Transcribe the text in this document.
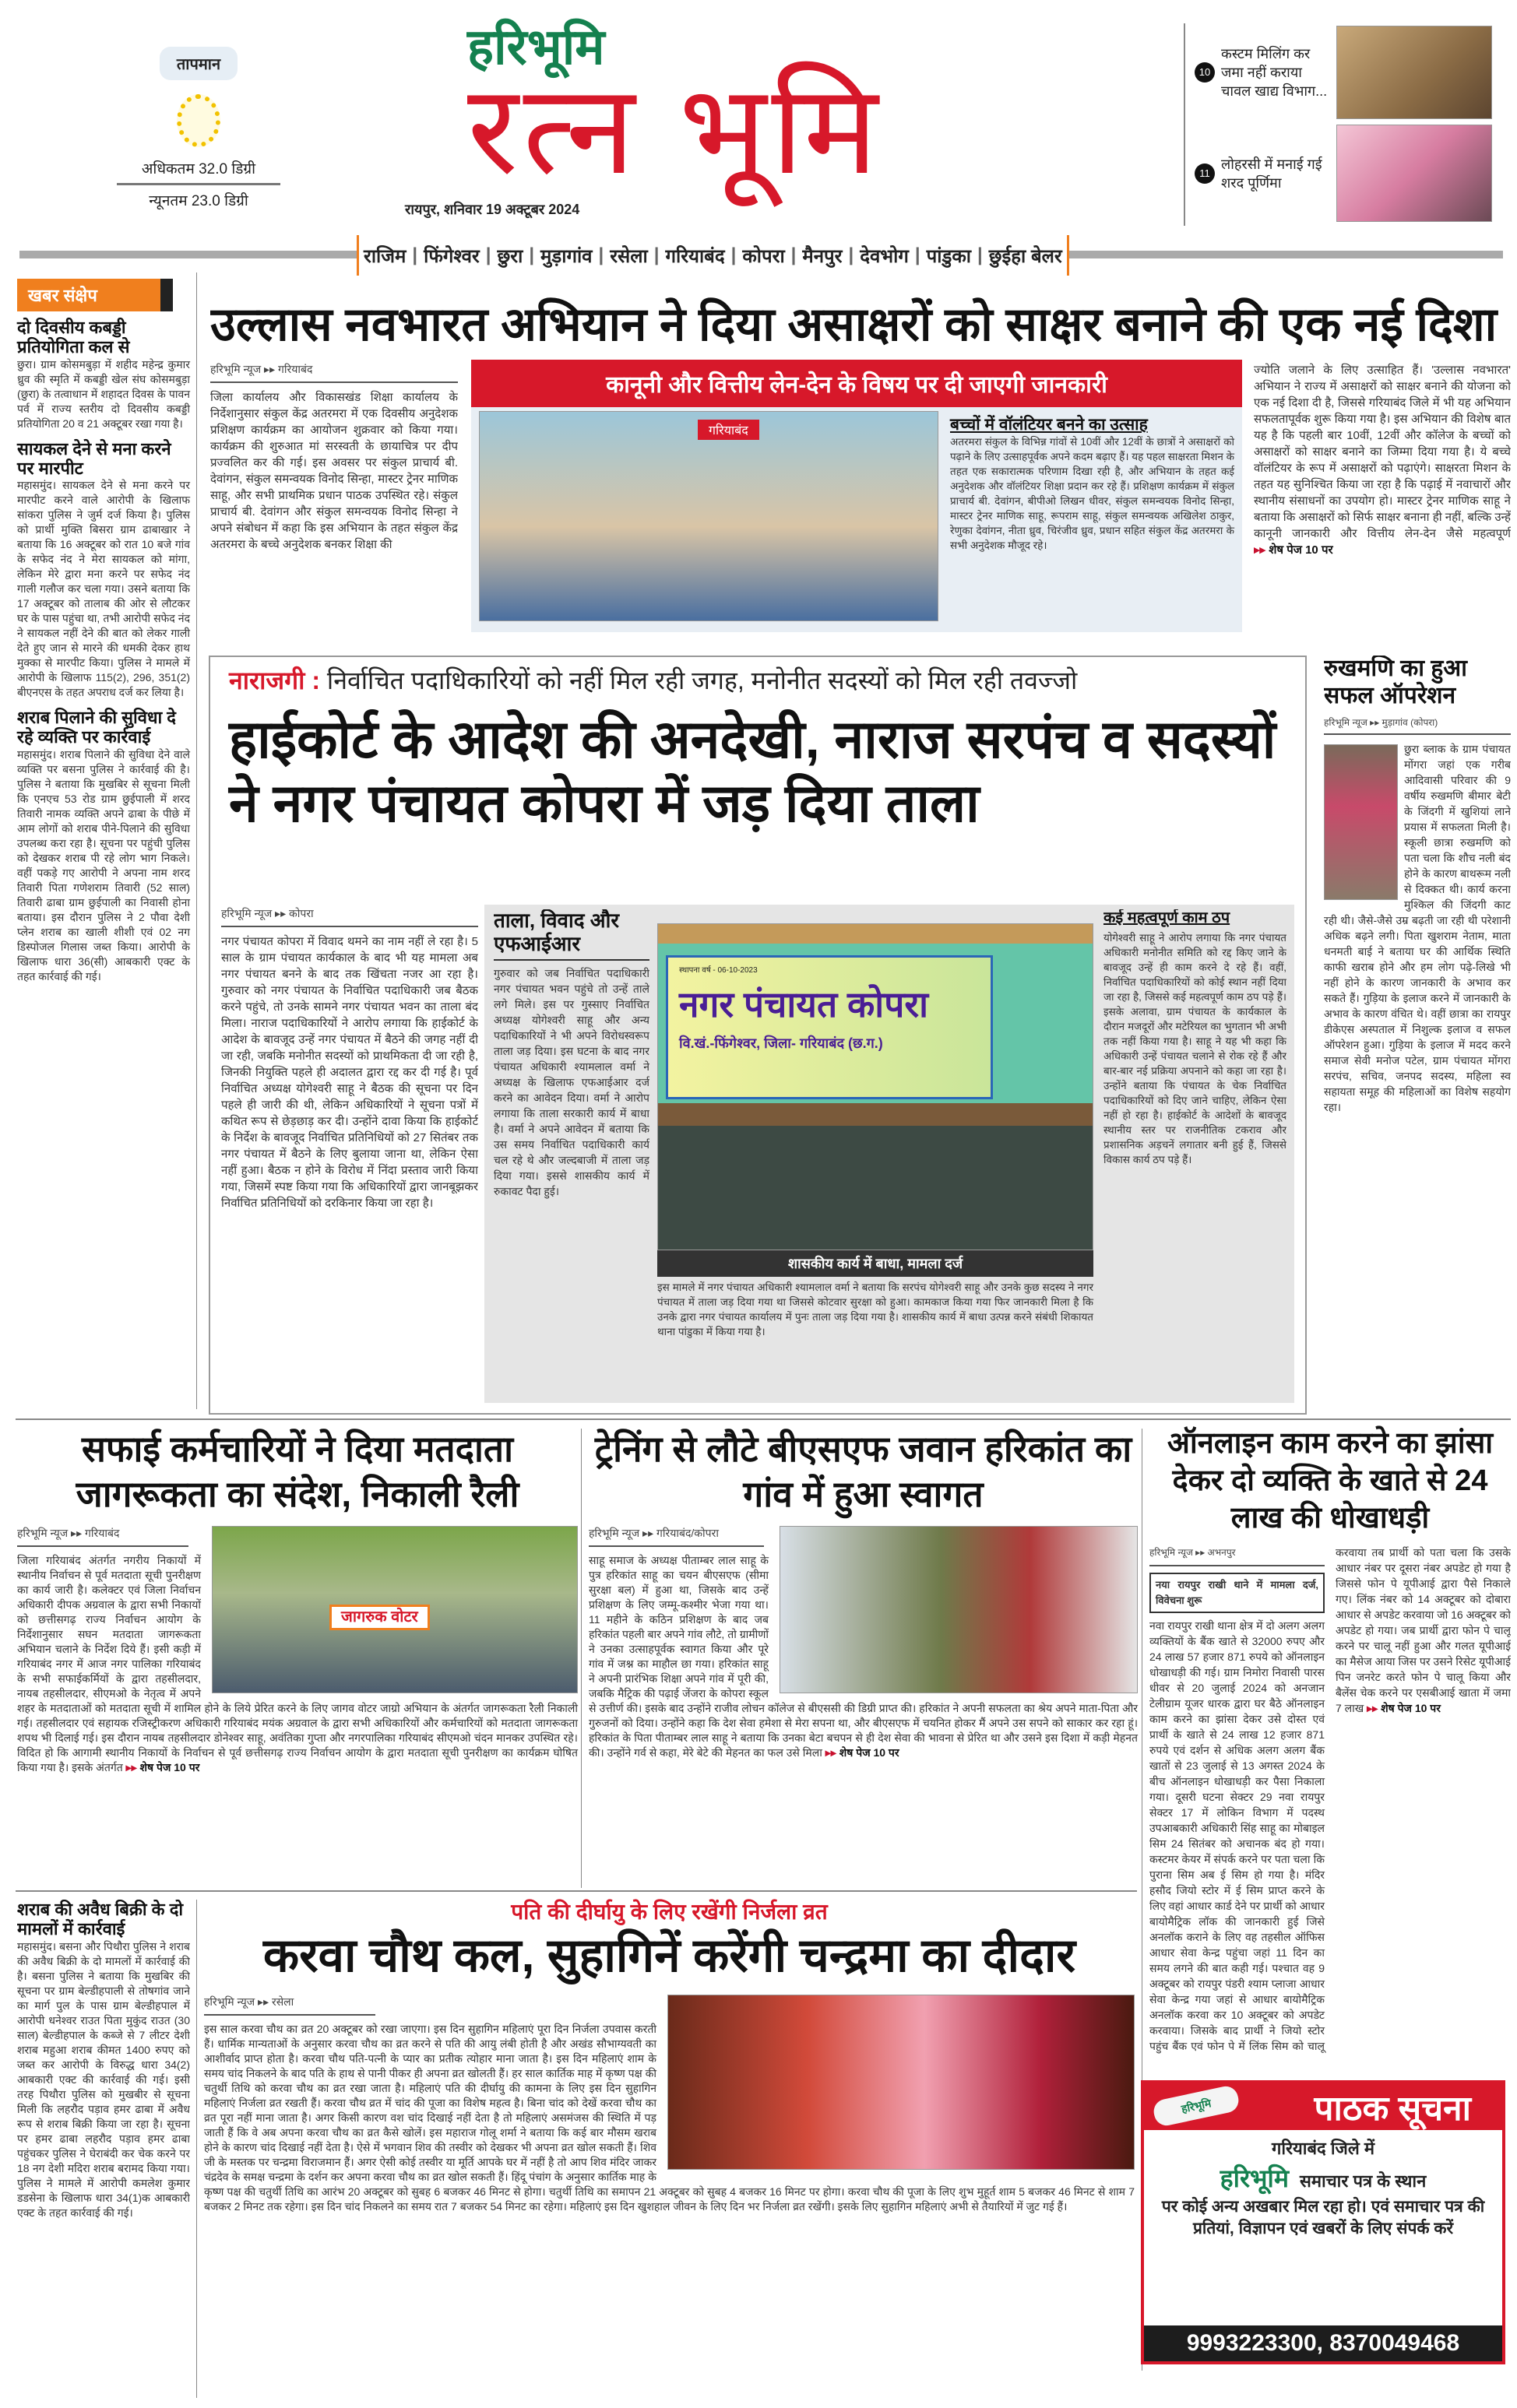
तापमान
अधिकतम 32.0 डिग्री
न्यूनतम 23.0 डिग्री
हरिभूमि
रत्न भूमि
रायपुर, शनिवार 19 अक्टूबर 2024
10
कस्टम मिलिंग कर जमा नहीं कराया चावल खाद्य विभाग...
11
लोहरसी में मनाई गई शरद पूर्णिमा
राजिम | फिंगेश्वर | छुरा | मुड़ागांव | रसेला | गरियाबंद | कोपरा | मैनपुर | देवभोग | पांडुका | छुईहा बेलर
खबर संक्षेप
दो दिवसीय कबड्डी प्रतियोगिता कल से
छुरा। ग्राम कोसमबुड़ा में शहीद महेन्द्र कुमार ध्रुव की स्मृति में कबड्डी खेल संघ कोसमबुड़ा (छुरा) के तत्वाधान में शहादत दिवस के पावन पर्व में राज्य स्तरीय दो दिवसीय कबड्डी प्रतियोगिता 20 व 21 अक्टूबर रखा गया है।
सायकल देने से मना करने पर मारपीट
महासमुंद। सायकल देने से मना करने पर मारपीट करने वाले आरोपी के खिलाफ सांकरा पुलिस ने जुर्म दर्ज किया है। पुलिस को प्रार्थी मुक्ति बिसरा ग्राम ढाबाखार ने बताया कि 16 अक्टूबर को रात 10 बजे गांव के सफेद नंद ने मेरा सायकल को मांगा, लेकिन मेरे द्वारा मना करने पर सफेद नंद गाली गलौज कर चला गया। उसने बताया कि 17 अक्टूबर को तालाब की ओर से लौटकर घर के पास पहुंचा था, तभी आरोपी सफेद नंद ने सायकल नहीं देने की बात को लेकर गाली देते हुए जान से मारने की धमकी देकर हाथ मुक्का से मारपीट किया। पुलिस ने मामले में आरोपी के खिलाफ 115(2), 296, 351(2) बीएनएस के तहत अपराध दर्ज कर लिया है।
शराब पिलाने की सुविधा दे रहे व्यक्ति पर कार्रवाई
महासमुंद। शराब पिलाने की सुविधा देने वाले व्यक्ति पर बसना पुलिस ने कार्रवाई की है। पुलिस ने बताया कि मुखबिर से सूचना मिली कि एनएच 53 रोड ग्राम छुईपाली में शरद तिवारी नामक व्यक्ति अपने ढाबा के पीछे में आम लोगों को शराब पीने-पिलाने की सुविधा उपलब्ध करा रहा है। सूचना पर पहुंची पुलिस को देखकर शराब पी रहे लोग भाग निकले। वहीं पकड़े गए आरोपी ने अपना नाम शरद तिवारी पिता गणेशराम तिवारी (52 साल) तिवारी ढाबा ग्राम छुईपाली का निवासी होना बताया। इस दौरान पुलिस ने 2 पौवा देशी प्लेन शराब का खाली शीशी एवं 02 नग डिस्पोजल गिलास जब्त किया। आरोपी के खिलाफ धारा 36(सी) आबकारी एक्ट के तहत कार्रवाई की गई।
उल्लास नवभारत अभियान ने दिया असाक्षरों को साक्षर बनाने की एक नई दिशा
हरिभूमि न्यूज ▸▸ गरियाबंद
जिला कार्यालय और विकासखंड शिक्षा कार्यालय के निर्देशानुसार संकुल केंद्र अतरमरा में एक दिवसीय अनुदेशक प्रशिक्षण कार्यक्रम का आयोजन शुक्रवार को किया गया। कार्यक्रम की शुरुआत मां सरस्वती के छायाचित्र पर दीप प्रज्वलित कर की गई। इस अवसर पर संकुल प्राचार्य बी. देवांगन, संकुल समन्वयक विनोद सिन्हा, मास्टर ट्रेनर माणिक साहू, और सभी प्राथमिक प्रधान पाठक उपस्थित रहे। संकुल प्राचार्य बी. देवांगन और संकुल समन्वयक विनोद सिन्हा ने अपने संबोधन में कहा कि इस अभियान के तहत संकुल केंद्र अतरमरा के बच्चे अनुदेशक बनकर शिक्षा की
कानूनी और वित्तीय लेन-देन के विषय पर दी जाएगी जानकारी
गरियाबंद	बच्चों में वॉलंटियर बनने का उत्साह
अतरमरा संकुल के विभिन्न गांवों से 10वीं और 12वीं के छात्रों ने असाक्षरों को पढ़ाने के लिए उत्साहपूर्वक अपने कदम बढ़ाए हैं। यह पहल साक्षरता मिशन के तहत एक सकारात्मक परिणाम दिखा रही है, और अभियान के तहत कई अनुदेशक और वॉलंटियर शिक्षा प्रदान कर रहे हैं। प्रशिक्षण कार्यक्रम में संकुल प्राचार्य बी. देवांगन, बीपीओ लिखन धीवर, संकुल समन्वयक विनोद सिन्हा, मास्टर ट्रेनर माणिक साहू, रूपराम साहू, संकुल समन्वयक अखिलेश ठाकुर, रेणुका देवांगन, नीता ध्रुव, चिरंजीव ध्रुव, प्रधान सहित संकुल केंद्र अतरमरा के सभी अनुदेशक मौजूद रहे।
ज्योति जलाने के लिए उत्साहित हैं। 'उल्लास नवभारत' अभियान ने राज्य में असाक्षरों को साक्षर बनाने की योजना को एक नई दिशा दी है, जिससे गरियाबंद जिले में भी यह अभियान सफलतापूर्वक शुरू किया गया है। इस अभियान की विशेष बात यह है कि पहली बार 10वीं, 12वीं और कॉलेज के बच्चों को असाक्षरों को साक्षर बनाने का जिम्मा दिया गया है। ये बच्चे वॉलंटियर के रूप में असाक्षरों को पढ़ाएंगे। साक्षरता मिशन के तहत यह सुनिश्चित किया जा रहा है कि पढ़ाई में नवाचारों और स्थानीय संसाधनों का उपयोग हो। मास्टर ट्रेनर माणिक साहू ने बताया कि असाक्षरों को सिर्फ साक्षर बनाना ही नहीं, बल्कि उन्हें कानूनी जानकारी और वित्तीय लेन-देन जैसे महत्वपूर्ण ▸▸ शेष पेज 10 पर
नाराजगी : निर्वाचित पदाधिकारियों को नहीं मिल रही जगह, मनोनीत सदस्यों को मिल रही तवज्जो
हाईकोर्ट के आदेश की अनदेखी, नाराज सरपंच व सदस्यों ने नगर पंचायत कोपरा में जड़ दिया ताला
हरिभूमि न्यूज ▸▸ कोपरा
नगर पंचायत कोपरा में विवाद थमने का नाम नहीं ले रहा है। 5 साल के ग्राम पंचायत कार्यकाल के बाद भी यह मामला अब नगर पंचायत बनने के बाद तक खिंचता नजर आ रहा है। गुरुवार को नगर पंचायत के निर्वाचित पदाधिकारी जब बैठक करने पहुंचे, तो उनके सामने नगर पंचायत भवन का ताला बंद मिला। नाराज पदाधिकारियों ने आरोप लगाया कि हाईकोर्ट के आदेश के बावजूद उन्हें नगर पंचायत में बैठने की जगह नहीं दी जा रही, जबकि मनोनीत सदस्यों को प्राथमिकता दी जा रही है, जिनकी नियुक्ति पहले ही अदालत द्वारा रद्द कर दी गई है। पूर्व निर्वाचित अध्यक्ष योगेश्वरी साहू ने बैठक की सूचना पर दिन पहले ही जारी की थी, लेकिन अधिकारियों ने सूचना पत्रों में कथित रूप से छेड़छाड़ कर दी। उन्होंने दावा किया कि हाईकोर्ट के निर्देश के बावजूद निर्वाचित प्रतिनिधियों को 27 सितंबर तक नगर पंचायत में बैठने के लिए बुलाया जाना था, लेकिन ऐसा नहीं हुआ। बैठक न होने के विरोध में निंदा प्रस्ताव जारी किया गया, जिसमें स्पष्ट किया गया कि अधिकारियों द्वारा जानबूझकर निर्वाचित प्रतिनिधियों को दरकिनार किया जा रहा है।
ताला, विवाद और एफआईआर
गुरुवार को जब निर्वाचित पदाधिकारी नगर पंचायत भवन पहुंचे तो उन्हें ताले लगे मिले। इस पर गुस्साए निर्वाचित अध्यक्ष योगेश्वरी साहू और अन्य पदाधिकारियों ने भी अपने विरोधस्वरूप ताला जड़ दिया। इस घटना के बाद नगर पंचायत अधिकारी श्यामलाल वर्मा ने अध्यक्ष के खिलाफ एफआईआर दर्ज करने का आवेदन दिया। वर्मा ने आरोप लगाया कि ताला सरकारी कार्य में बाधा है। वर्मा ने अपने आवेदन में बताया कि उस समय निर्वाचित पदाधिकारी कार्य चल रहे थे और जल्दबाजी में ताला जड़ दिया गया। इससे शासकीय कार्य में रुकावट पैदा हुई।
स्थापना वर्ष - 06-10-2023
नगर पंचायत कोपरा
वि.खं.-फिंगेश्वर, जिला- गरियाबंद (छ.ग.)
शासकीय कार्य में बाधा, मामला दर्ज
इस मामले में नगर पंचायत अधिकारी श्यामलाल वर्मा ने बताया कि सरपंच योगेश्वरी साहू और उनके कुछ सदस्य ने नगर पंचायत में ताला जड़ दिया गया था जिससे कोटवार सुरक्षा को हुआ। कामकाज किया गया फिर जानकारी मिला है कि उनके द्वारा नगर पंचायत कार्यालय में पुनः ताला जड़ दिया गया है। शासकीय कार्य में बाधा उत्पन्न करने संबंधी शिकायत थाना पांडुका में किया गया है।
कई महत्वपूर्ण काम ठप
योगेश्वरी साहू ने आरोप लगाया कि नगर पंचायत अधिकारी मनोनीत समिति को रद्द किए जाने के बावजूद उन्हें ही काम करने दे रहे हैं। वहीं, निर्वाचित पदाधिकारियों को कोई स्थान नहीं दिया जा रहा है, जिससे कई महत्वपूर्ण काम ठप पड़े हैं। इसके अलावा, ग्राम पंचायत के कार्यकाल के दौरान मजदूरों और मटेरियल का भुगतान भी अभी तक नहीं किया गया है। साहू ने यह भी कहा कि अधिकारी उन्हें पंचायत चलाने से रोक रहे हैं और बार-बार नई प्रक्रिया अपनाने को कहा जा रहा है। उन्होंने बताया कि पंचायत के चेक निर्वाचित पदाधिकारियों को दिए जाने चाहिए, लेकिन ऐसा नहीं हो रहा है। हाईकोर्ट के आदेशों के बावजूद स्थानीय स्तर पर राजनीतिक टकराव और प्रशासनिक अड़चनें लगातार बनी हुई हैं, जिससे विकास कार्य ठप पड़े हैं।
रुखमणि का हुआ सफल ऑपरेशन
हरिभूमि न्यूज ▸▸ मुड़ागांव (कोपरा)
छुरा ब्लाक के ग्राम पंचायत मोंगरा जहां एक गरीब आदिवासी परिवार की 9 वर्षीय रुखमणि बीमार बेटी के जिंदगी में खुशियां लाने प्रयास में सफलता मिली है। स्कूली छात्रा रुखमणि को पता चला कि शौच नली बंद होने के कारण बाथरूम नली से दिक्कत थी। कार्य करना मुश्किल की जिंदगी काट रही थी। जैसे-जैसे उम्र बढ़ती जा रही थी परेशानी अधिक बढ़ने लगी। पिता खुशराम नेताम, माता धनमती बाई ने बताया घर की आर्थिक स्थिति काफी खराब होने और हम लोग पढ़े-लिखे भी नहीं होने के कारण जानकारी के अभाव कर सकते हैं। गुड़िया के इलाज करने में जानकारी के अभाव के कारण वंचित थे। वहीं छात्रा का रायपुर डीकेएस अस्पताल में निशुल्क इलाज व सफल ऑपरेशन हुआ। गुड़िया के इलाज में मदद करने समाज सेवी मनोज पटेल, ग्राम पंचायत मोंगरा सरपंच, सचिव, जनपद सदस्य, महिला स्व सहायता समूह की महिलाओं का विशेष सहयोग रहा।
सफाई कर्मचारियों ने दिया मतदाता जागरूकता का संदेश, निकाली रैली
जागरुक वोटर
हरिभूमि न्यूज ▸▸ गरियाबंद
जिला गरियाबंद अंतर्गत नगरीय निकायों में स्थानीय निर्वाचन से पूर्व मतदाता सूची पुनरीक्षण का कार्य जारी है। कलेक्टर एवं जिला निर्वाचन अधिकारी दीपक अग्रवाल के द्वारा सभी निकायों को छत्तीसगढ़ राज्य निर्वाचन आयोग के निर्देशानुसार सघन मतदाता जागरूकता अभियान चलाने के निर्देश दिये हैं। इसी कड़ी में गरियाबंद नगर में आज नगर पालिका गरियाबंद के सभी सफाईकर्मियों के द्वारा तहसीलदार, नायब तहसीलदार, सीएमओ के नेतृत्व में अपने शहर के मतदाताओं को मतदाता सूची में शामिल होने के लिये प्रेरित करने के लिए जागव वोटर जाग्रो अभियान के अंतर्गत जागरूकता रैली निकाली गई। तहसीलदार एवं सहायक रजिस्ट्रीकरण अधिकारी गरियाबंद मयंक अग्रवाल के द्वारा सभी अधिकारियों और कर्मचारियों को मतदाता जागरूकता शपथ भी दिलाई गई। इस दौरान नायब तहसीलदार डोनेश्वर साहू, अवंतिका गुप्ता और नगरपालिका गरियाबंद सीएमओ चंदन मानकर उपस्थित रहे। विदित हो कि आगामी स्थानीय निकायों के निर्वाचन से पूर्व छत्तीसगढ़ राज्य निर्वाचन आयोग के द्वारा मतदाता सूची पुनरीक्षण का कार्यक्रम घोषित किया गया है। इसके अंतर्गत ▸▸ शेष पेज 10 पर
ट्रेनिंग से लौटे बीएसएफ जवान हरिकांत का गांव में हुआ स्वागत
हरिभूमि न्यूज ▸▸ गरियाबंद/कोपरा
साहू समाज के अध्यक्ष पीताम्बर लाल साहू के पुत्र हरिकांत साहू का चयन बीएसएफ (सीमा सुरक्षा बल) में हुआ था, जिसके बाद उन्हें प्रशिक्षण के लिए जम्मू-कश्मीर भेजा गया था। 11 महीने के कठिन प्रशिक्षण के बाद जब हरिकांत पहली बार अपने गांव लौटे, तो ग्रामीणों ने उनका उत्साहपूर्वक स्वागत किया और पूरे गांव में जश्न का माहौल छा गया। हरिकांत साहू ने अपनी प्रारंभिक शिक्षा अपने गांव में पूरी की, जबकि मैट्रिक की पढ़ाई जेंजरा के कोपरा स्कूल से उत्तीर्ण की। इसके बाद उन्होंने राजीव लोचन कॉलेज से बीएससी की डिग्री प्राप्त की। हरिकांत ने अपनी सफलता का श्रेय अपने माता-पिता और गुरुजनों को दिया। उन्होंने कहा कि देश सेवा हमेशा से मेरा सपना था, और बीएसएफ में चयनित होकर मैं अपने उस सपने को साकार कर रहा हूं। हरिकांत के पिता पीताम्बर लाल साहू ने बताया कि उनका बेटा बचपन से ही देश सेवा की भावना से प्रेरित था और उसने इस दिशा में कड़ी मेहनत की। उन्होंने गर्व से कहा, मेरे बेटे की मेहनत का फल उसे मिला ▸▸ शेष पेज 10 पर
ऑनलाइन काम करने का झांसा देकर दो व्यक्ति के खाते से 24 लाख की धोखाधड़ी
हरिभूमि न्यूज ▸▸ अभनपुर
नया रायपुर राखी थाने में मामला दर्ज, विवेचना शुरू
नवा रायपुर राखी थाना क्षेत्र में दो अलग अलग व्यक्तियों के बैंक खाते से 32000 रुपए और 24 लाख 57 हजार 871 रुपये को ऑनलाइन धोखाधड़ी की गई। ग्राम निमोरा निवासी पारस धीवर से 20 जुलाई 2024 को अनजान टेलीग्राम यूजर धारक द्वारा घर बैठे ऑनलाइन काम करने का झांसा देकर उसे दोस्त एवं प्रार्थी के खाते से 24 लाख 12 हजार 871 रुपये एवं दर्शन से अधिक अलग अलग बैंक खातों से 23 जुलाई से 13 अगस्त 2024 के बीच ऑनलाइन धोखाधड़ी कर पैसा निकाला गया। दूसरी घटना सेक्टर 29 नवा रायपुर सेक्टर 17 में लोकिन विभाग में पदस्थ उपआबकारी अधिकारी सिंह साहू का मोबाइल सिम 24 सितंबर को अचानक बंद हो गया। कस्टमर केयर में संपर्क करने पर पता चला कि पुराना सिम अब ई सिम हो गया है। मंदिर हसौद जियो स्टोर में ई सिम प्राप्त करने के लिए वहां आधार कार्ड देने पर प्रार्थी को आधार बायोमैट्रिक लॉक की जानकारी हुई जिसे अनलॉक कराने के लिए वह तहसील ऑफिस आधार सेवा केन्द्र पहुंचा जहां 11 दिन का समय लगने की बात कही गई। पश्चात वह 9 अक्टूबर को रायपुर पंडरी श्याम प्लाजा आधार सेवा केन्द्र गया जहां से आधार बायोमैट्रिक अनलॉक करवा कर 10 अक्टूबर को अपडेट करवाया। जिसके बाद प्रार्थी ने जियो स्टोर पहुंच बैंक एवं फोन पे में लिंक सिम को चालू करवाया तब प्रार्थी को पता चला कि उसके आधार नंबर पर दूसरा नंबर अपडेट हो गया है जिससे फोन पे यूपीआई द्वारा पैसे निकाले गए। लिंक नंबर को 14 अक्टूबर को दोबारा आधार से अपडेट करवाया जो 16 अक्टूबर को अपडेट हो गया। जब प्रार्थी द्वारा फोन पे चालू करने पर चालू नहीं हुआ और गलत यूपीआई का मैसेज आया जिस पर उसने रिसेट यूपीआई पिन जनरेट करते फोन पे चालू किया और बैलेंस चेक करने पर एसबीआई खाता में जमा 7 लाख ▸▸ शेष पेज 10 पर
शराब की अवैध बिक्री के दो मामलों में कार्रवाई
महासमुंद। बसना और पिथौरा पुलिस ने शराब की अवैध बिक्री के दो मामलों में कार्रवाई की है। बसना पुलिस ने बताया कि मुखबिर की सूचना पर ग्राम बेल्डीहपाली से तोषगांव जाने का मार्ग पुल के पास ग्राम बेल्डीहपाल में आरोपी धनेश्वर राउत पिता मुकुंद राउत (30 साल) बेल्डीहपाल के कब्जे से 7 लीटर देशी शराब महुआ शराब कीमत 1400 रुपए को जब्त कर आरोपी के विरुद्ध धारा 34(2) आबकारी एक्ट की कार्रवाई की गई। इसी तरह पिथौरा पुलिस को मुखबीर से सूचना मिली कि लहरौद पड़ाव हमर ढाबा में अवैध रूप से शराब बिक्री किया जा रहा है। सूचना पर हमर ढाबा लहरौद पड़ाव हमर ढाबा पहुंचकर पुलिस ने घेराबंदी कर चेक करने पर 18 नग देशी मदिरा शराब बरामद किया गया। पुलिस ने मामले में आरोपी कमलेश कुमार डडसेना के खिलाफ धारा 34(1)क आबकारी एक्ट के तहत कार्रवाई की गई।
पति की दीर्घायु के लिए रखेंगी निर्जला व्रत
करवा चौथ कल, सुहागिनें करेंगी चन्द्रमा का दीदार
हरिभूमि न्यूज ▸▸ रसेला
इस साल करवा चौथ का व्रत 20 अक्टूबर को रखा जाएगा। इस दिन सुहागिन महिलाएं पूरा दिन निर्जला उपवास करती हैं। धार्मिक मान्यताओं के अनुसार करवा चौथ का व्रत करने से पति की आयु लंबी होती है और अखंड सौभाग्यवती का आशीर्वाद प्राप्त होता है। करवा चौथ पति-पत्नी के प्यार का प्रतीक त्योहार माना जाता है। इस दिन महिलाएं शाम के समय चांद निकलने के बाद पति के हाथ से पानी पीकर ही अपना व्रत खोलती हैं। हर साल कार्तिक माह में कृष्ण पक्ष की चतुर्थी तिथि को करवा चौथ का व्रत रखा जाता है। महिलाएं पति की दीर्घायु की कामना के लिए इस दिन सुहागिन महिलाएं निर्जला व्रत रखती हैं। करवा चौथ व्रत में चांद की पूजा का विशेष महत्व है। बिना चांद को देखें करवा चौथ का व्रत पूरा नहीं माना जाता है। अगर किसी कारण वश चांद दिखाई नहीं देता है तो महिलाएं असमंजस की स्थिति में पड़ जाती हैं कि वे अब अपना करवा चौथ का व्रत कैसे खोलें। इस महाराज गोलू शर्मा ने बताया कि कई बार मौसम खराब होने के कारण चांद दिखाई नहीं देता है। ऐसे में भगवान शिव की तस्वीर को देखकर भी अपना व्रत खोल सकती हैं। शिव जी के मस्तक पर चन्द्रमा विराजमान हैं। अगर ऐसी कोई तस्वीर या मूर्ति आपके घर में नहीं है तो आप शिव मंदिर जाकर चंद्रदेव के समक्ष चन्द्रमा के दर्शन कर अपना करवा चौथ का व्रत खोल सकती हैं। हिंदू पंचांग के अनुसार कार्तिक माह के कृष्ण पक्ष की चतुर्थी तिथि का आरंभ 20 अक्टूबर को सुबह 6 बजकर 46 मिनट से होगा। चतुर्थी तिथि का समापन 21 अक्टूबर को सुबह 4 बजकर 16 मिनट पर होगा। करवा चौथ की पूजा के लिए शुभ मुहूर्त शाम 5 बजकर 46 मिनट से शाम 7 बजकर 2 मिनट तक रहेगा। इस दिन चांद निकलने का समय रात 7 बजकर 54 मिनट का रहेगा। महिलाएं इस दिन खुशहाल जीवन के लिए दिन भर निर्जला व्रत रखेंगी। इसके लिए सुहागिन महिलाएं अभी से तैयारियों में जुट गई हैं।
हरिभूमि	पाठक सूचना
गरियाबंद जिले में
हरिभूमि समाचार पत्र के स्थान
पर कोई अन्य अखबार मिल रहा हो। एवं समाचार पत्र की प्रतियां, विज्ञापन एवं खबरों के लिए संपर्क करें
9993223300, 8370049468
